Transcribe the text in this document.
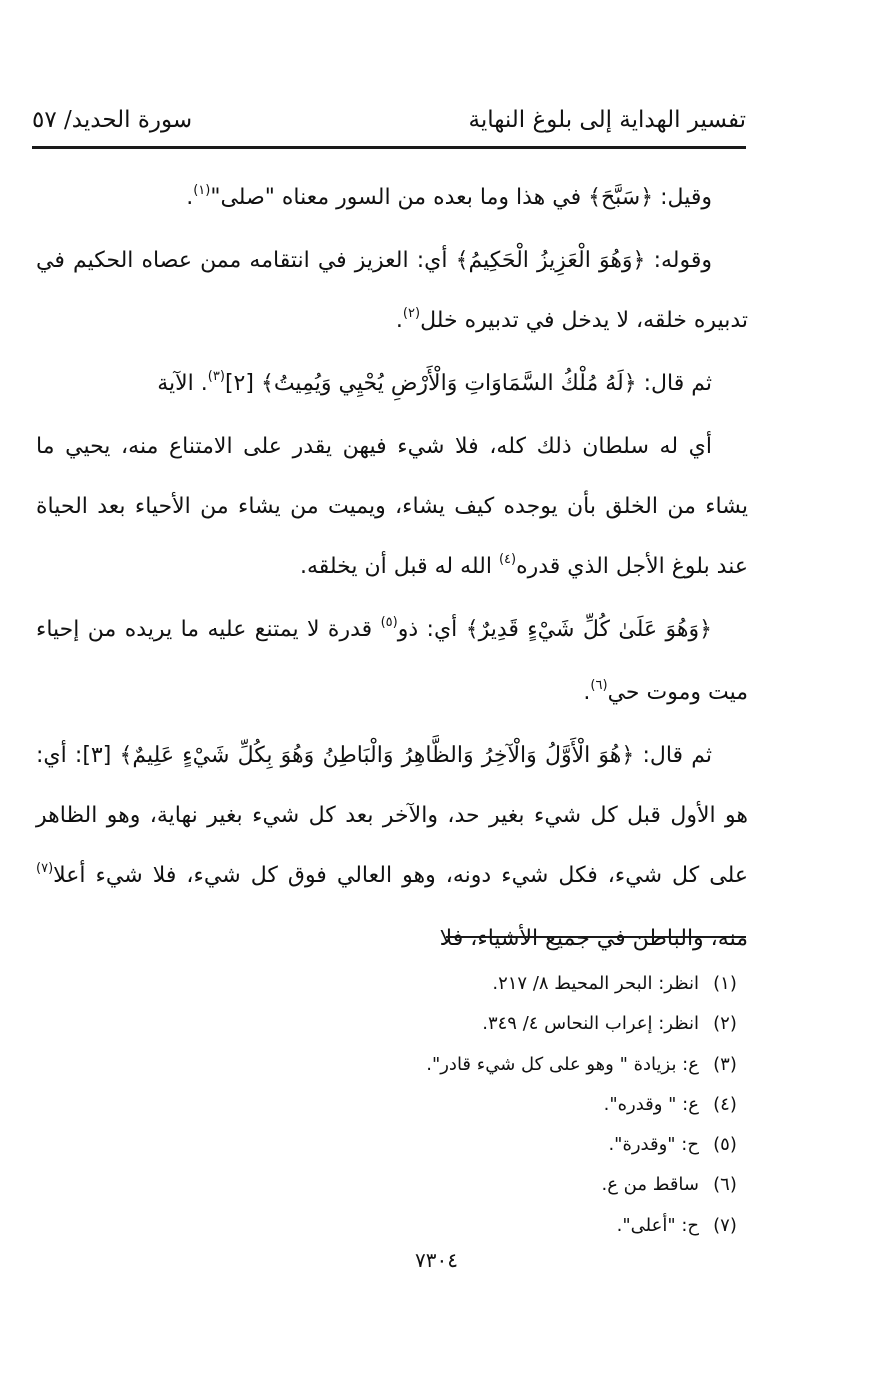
تفسير الهداية إلى بلوغ النهاية
سورة الحديد/ ٥٧

وقيل: ﴿سَبَّحَ﴾ في هذا وما بعده من السور معناه "صلى"$^{(١)}$.

وقوله: ﴿وَهُوَ الْعَزِيزُ الْحَكِيمُ﴾ أي: العزيز في انتقامه ممن عصاه الحكيم في تدبيره خلقه، لا يدخل في تدبيره خلل$^{(٢)}$.

ثم قال: ﴿لَهُ مُلْكُ السَّمَاوَاتِ وَالْأَرْضِ يُحْيِي وَيُمِيتُ﴾ [٢]$^{(٣)}$. الآية

أي له سلطان ذلك كله، فلا شيء فيهن يقدر على الامتناع منه، يحيي ما يشاء من الخلق بأن يوجده كيف يشاء، ويميت من يشاء من الأحياء بعد الحياة عند بلوغ الأجل الذي قدره$^{(٤)}$ الله له قبل أن يخلقه.

﴿وَهُوَ عَلَىٰ كُلِّ شَيْءٍ قَدِيرٌ﴾ أي: ذو$^{(٥)}$ قدرة لا يمتنع عليه ما يريده من إحياء ميت وموت حي$^{(٦)}$.

ثم قال: ﴿هُوَ الْأَوَّلُ وَالْآخِرُ وَالظَّاهِرُ وَالْبَاطِنُ وَهُوَ بِكُلِّ شَيْءٍ عَلِيمٌ﴾ [٣]: أي: هو الأول قبل كل شيء بغير حد، والآخر بعد كل شيء بغير نهاية، وهو الظاهر على كل شيء، فكل شيء دونه، وهو العالي فوق كل شيء، فلا شيء أعلا$^{(٧)}$ منه، والباطن في جميع الأشياء، فلا

(١)
انظر: البحر المحيط ٨/ ٢١٧.
(٢)
انظر: إعراب النحاس ٤/ ٣٤٩.
(٣)
ع: بزيادة " وهو على كل شيء قادر".
(٤)
ع: " وقدره".
(٥)
ح: "وقدرة".
(٦)
ساقط من ع.
(٧)
ح: "أعلى".
٧٣٠٤
